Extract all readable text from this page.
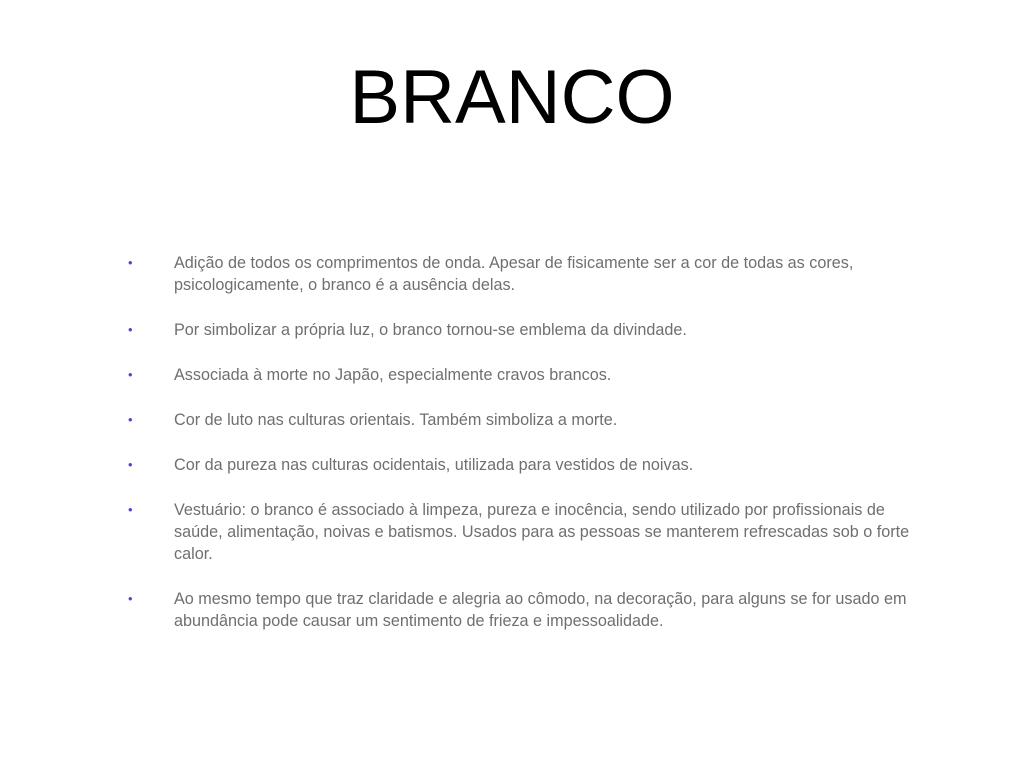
BRANCO
•	Adição de todos os comprimentos de onda. Apesar de fisicamente ser a cor de todas as cores, psicologicamente, o branco é a ausência delas.
•	Por simbolizar a própria luz, o branco tornou-se emblema da divindade.
•	Associada à morte no Japão, especialmente cravos brancos.
•	Cor de luto nas culturas orientais. Também simboliza a morte.
•	Cor da pureza nas culturas ocidentais, utilizada para vestidos de noivas.
•	Vestuário: o branco é associado à limpeza, pureza e inocência, sendo utilizado por profissionais de saúde, alimentação, noivas e batismos. Usados para as pessoas se manterem refrescadas sob o forte calor.
•	Ao mesmo tempo que traz claridade e alegria ao cômodo, na decoração, para alguns se for usado em abundância pode causar um sentimento de frieza e impessoalidade.
